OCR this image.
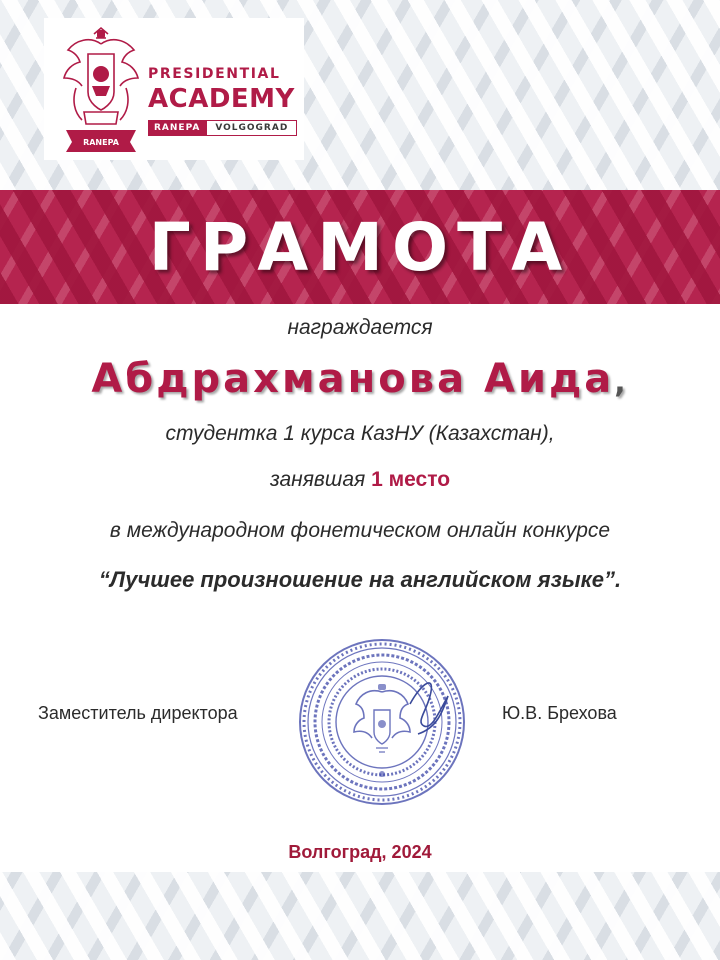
RANEPA
PRESIDENTIAL
ACADEMY
RANEPA	VOLGOGRAD
ГРАМОТА
награждается
Абдрахманова Аида,
студентка 1 курса КазНУ (Казахстан),
занявшая 1 место
в международном фонетическом онлайн конкурсе
“Лучшее произношение на английском языке”.
Заместитель директора	Ю.В. Брехова
Волгоград, 2024
